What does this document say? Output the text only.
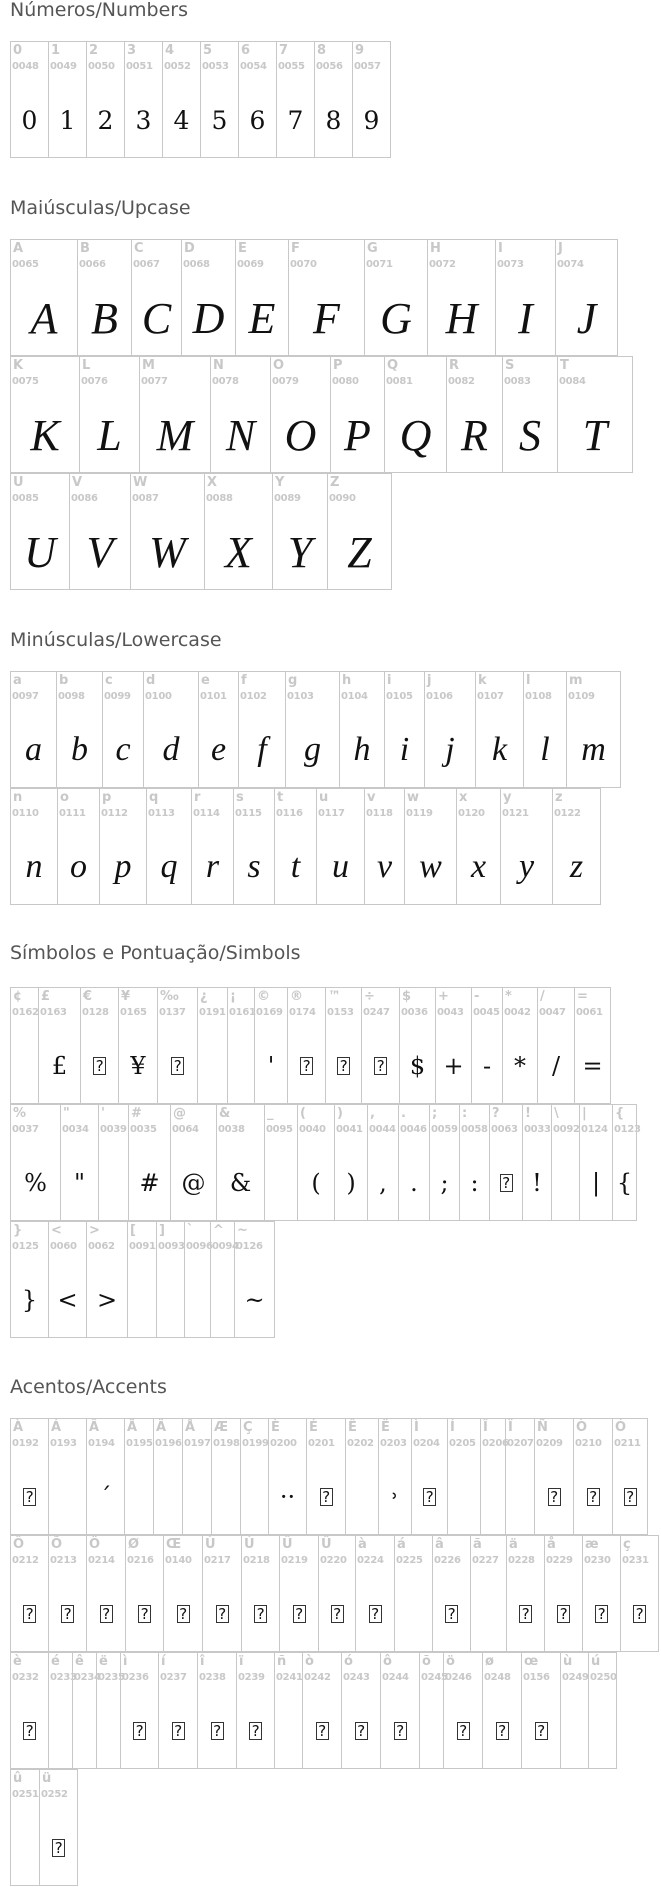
Números/Numbers
0
0048
0
1
0049
1
2
0050
2
3
0051
3
4
0052
4
5
0053
5
6
0054
6
7
0055
7
8
0056
8
9
0057
9
Maiúsculas/Upcase
A
0065
A
B
0066
B
C
0067
C
D
0068
D
E
0069
E
F
0070
F
G
0071
G
H
0072
H
I
0073
I
J
0074
J
K
0075
K
L
0076
L
M
0077
M
N
0078
N
O
0079
O
P
0080
P
Q
0081
Q
R
0082
R
S
0083
S
T
0084
T
U
0085
U
V
0086
V
W
0087
W
X
0088
X
Y
0089
Y
Z
0090
Z
Minúsculas/Lowercase
a
0097
a
b
0098
b
c
0099
c
d
0100
d
e
0101
e
f
0102
f
g
0103
g
h
0104
h
i
0105
i
j
0106
j
k
0107
k
l
0108
l
m
0109
m
n
0110
n
o
0111
o
p
0112
p
q
0113
q
r
0114
r
s
0115
s
t
0116
t
u
0117
u
v
0118
v
w
0119
w
x
0120
x
y
0121
y
z
0122
z
Símbolos e Pontuação/Simbols
¢
0162
£
0163
£
€
0128
?
¥
0165
¥
‰
0137
?
¿
0191
¡
0161
©
0169
'
®
0174
?
™
0153
?
÷
0247
?
$
0036
$
+
0043
+
-
0045
-
*
0042
*
/
0047
/
=
0061
=
%
0037
%
"
0034
"
'
0039
#
0035
#
@
0064
@
&
0038
&
_
0095
(
0040
(
)
0041
)
,
0044
,
.
0046
.
;
0059
;
:
0058
:
?
0063
?
!
0033
!
\
0092
|
0124
|
{
0123
{
}
0125
}
<
0060
<
>
0062
>
[
0091
]
0093
`
0096
^
0094
~
0126
~
Acentos/Accents
À
0192
?
Á
0193
Â
0194
ˊ
Ã
0195
Ä
0196
Å
0197
Æ
0198
Ç
0199
È
0200
··
É
0201
?
Ê
0202
Ë
0203
˒
Ì
0204
?
Í
0205
Î
0206
Ï
0207
Ñ
0209
?
Ò
0210
?
Ó
0211
?
Ô
0212
?
Õ
0213
?
Ö
0214
?
Ø
0216
?
Œ
0140
?
Ù
0217
?
Ú
0218
?
Û
0219
?
Ü
0220
?
à
0224
?
á
0225
â
0226
?
ã
0227
ä
0228
?
å
0229
?
æ
0230
?
ç
0231
?
è
0232
?
é
0233
ê
0234
ë
0235
ì
0236
?
í
0237
?
î
0238
?
ï
0239
?
ñ
0241
ò
0242
?
ó
0243
?
ô
0244
?
õ
0245
ö
0246
?
ø
0248
?
œ
0156
?
ù
0249
ú
0250
û
0251
ü
0252
?
